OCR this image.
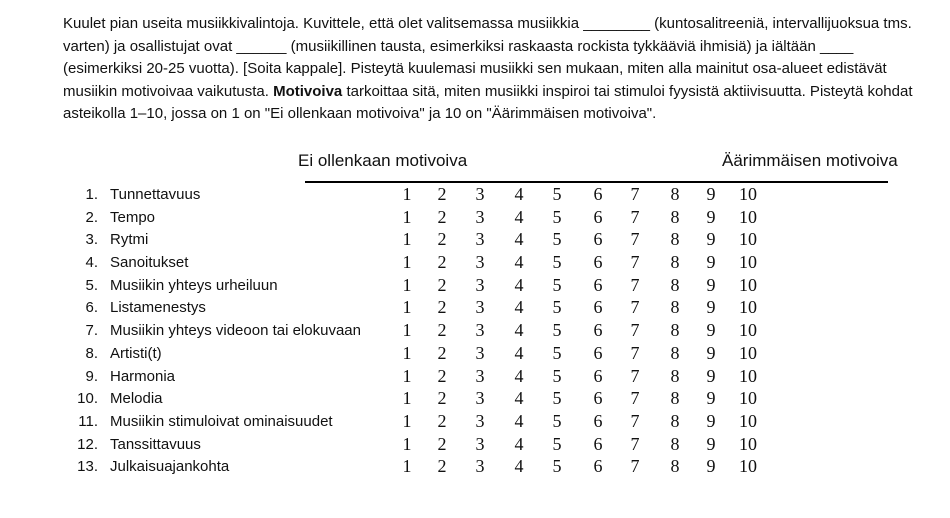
Kuulet pian useita musiikkivalintoja. Kuvittele, että olet valitsemassa musiikkia ________ (kuntosalitreeniä, intervallijuoksua tms. varten) ja osallistujat ovat ______ (musiikillinen tausta, esimerkiksi raskaasta rockista tykkääviä ihmisiä) ja iältään ____ (esimerkiksi 20-25 vuotta). [Soita kappale]. Pisteytä kuulemasi musiikki sen mukaan, miten alla mainitut osa-alueet edistävät musiikin motivoivaa vaikutusta. Motivoiva tarkoittaa sitä, miten musiikki inspiroi tai stimuloi fyysistä aktiivisuutta. Pisteytä kohdat asteikolla 1–10, jossa on 1 on "Ei ollenkaan motivoiva" ja 10 on "Äärimmäisen motivoiva".
Ei ollenkaan motivoiva	Äärimmäisen motivoiva
1. Tunnettavuus	1	2	3	4	5	6	7	8	9	10
2. Tempo	1	2	3	4	5	6	7	8	9	10
3. Rytmi	1	2	3	4	5	6	7	8	9	10
4. Sanoitukset	1	2	3	4	5	6	7	8	9	10
5. Musiikin yhteys urheiluun	1	2	3	4	5	6	7	8	9	10
6. Listamenestys	1	2	3	4	5	6	7	8	9	10
7. Musiikin yhteys videoon tai elokuvaan	1	2	3	4	5	6	7	8	9	10
8. Artisti(t)	1	2	3	4	5	6	7	8	9	10
9. Harmonia	1	2	3	4	5	6	7	8	9	10
10. Melodia	1	2	3	4	5	6	7	8	9	10
11. Musiikin stimuloivat ominaisuudet	1	2	3	4	5	6	7	8	9	10
12. Tanssittavuus	1	2	3	4	5	6	7	8	9	10
13. Julkaisuajankohta	1	2	3	4	5	6	7	8	9	10
